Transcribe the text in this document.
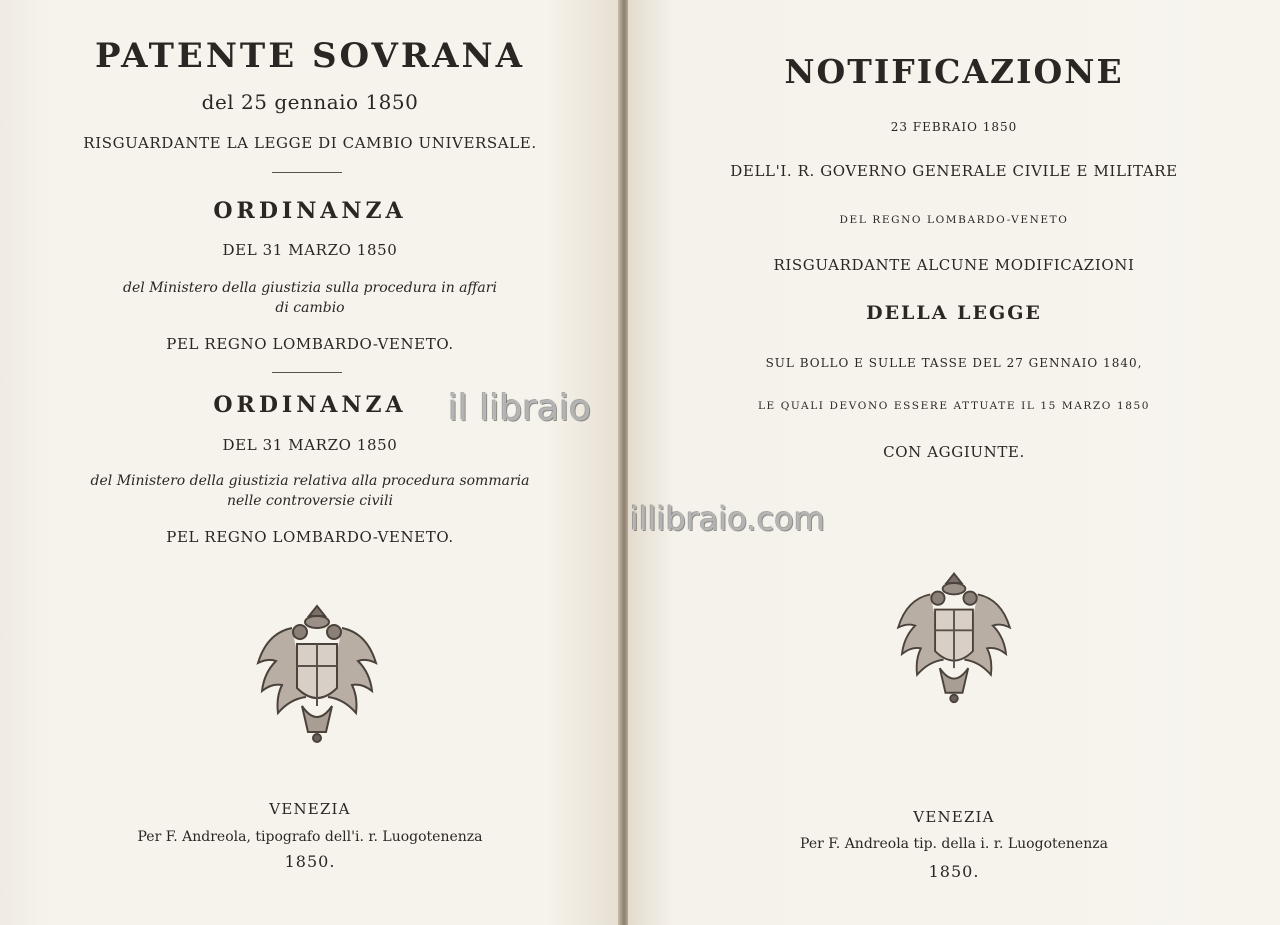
PATENTE SOVRANA
del 25 gennaio 1850
RISGUARDANTE LA LEGGE DI CAMBIO UNIVERSALE.
ORDINANZA
DEL 31 MARZO 1850
del Ministero della giustizia sulla procedura in affari
di cambio
PEL REGNO LOMBARDO-VENETO.
ORDINANZA
DEL 31 MARZO 1850
del Ministero della giustizia relativa alla procedura sommaria
nelle controversie civili
PEL REGNO LOMBARDO-VENETO.
VENEZIA
Per F. Andreola, tipografo dell'i. r. Luogotenenza
1850.
NOTIFICAZIONE
23 FEBRAIO 1850
DELL'I. R. GOVERNO GENERALE CIVILE E MILITARE
DEL REGNO LOMBARDO-VENETO
RISGUARDANTE ALCUNE MODIFICAZIONI
DELLA LEGGE
SUL BOLLO E SULLE TASSE DEL 27 GENNAIO 1840,
LE QUALI DEVONO ESSERE ATTUATE IL 15 MARZO 1850
CON AGGIUNTE.
VENEZIA
Per F. Andreola tip. della i. r. Luogotenenza
1850.
il libraio
illibraio.com
